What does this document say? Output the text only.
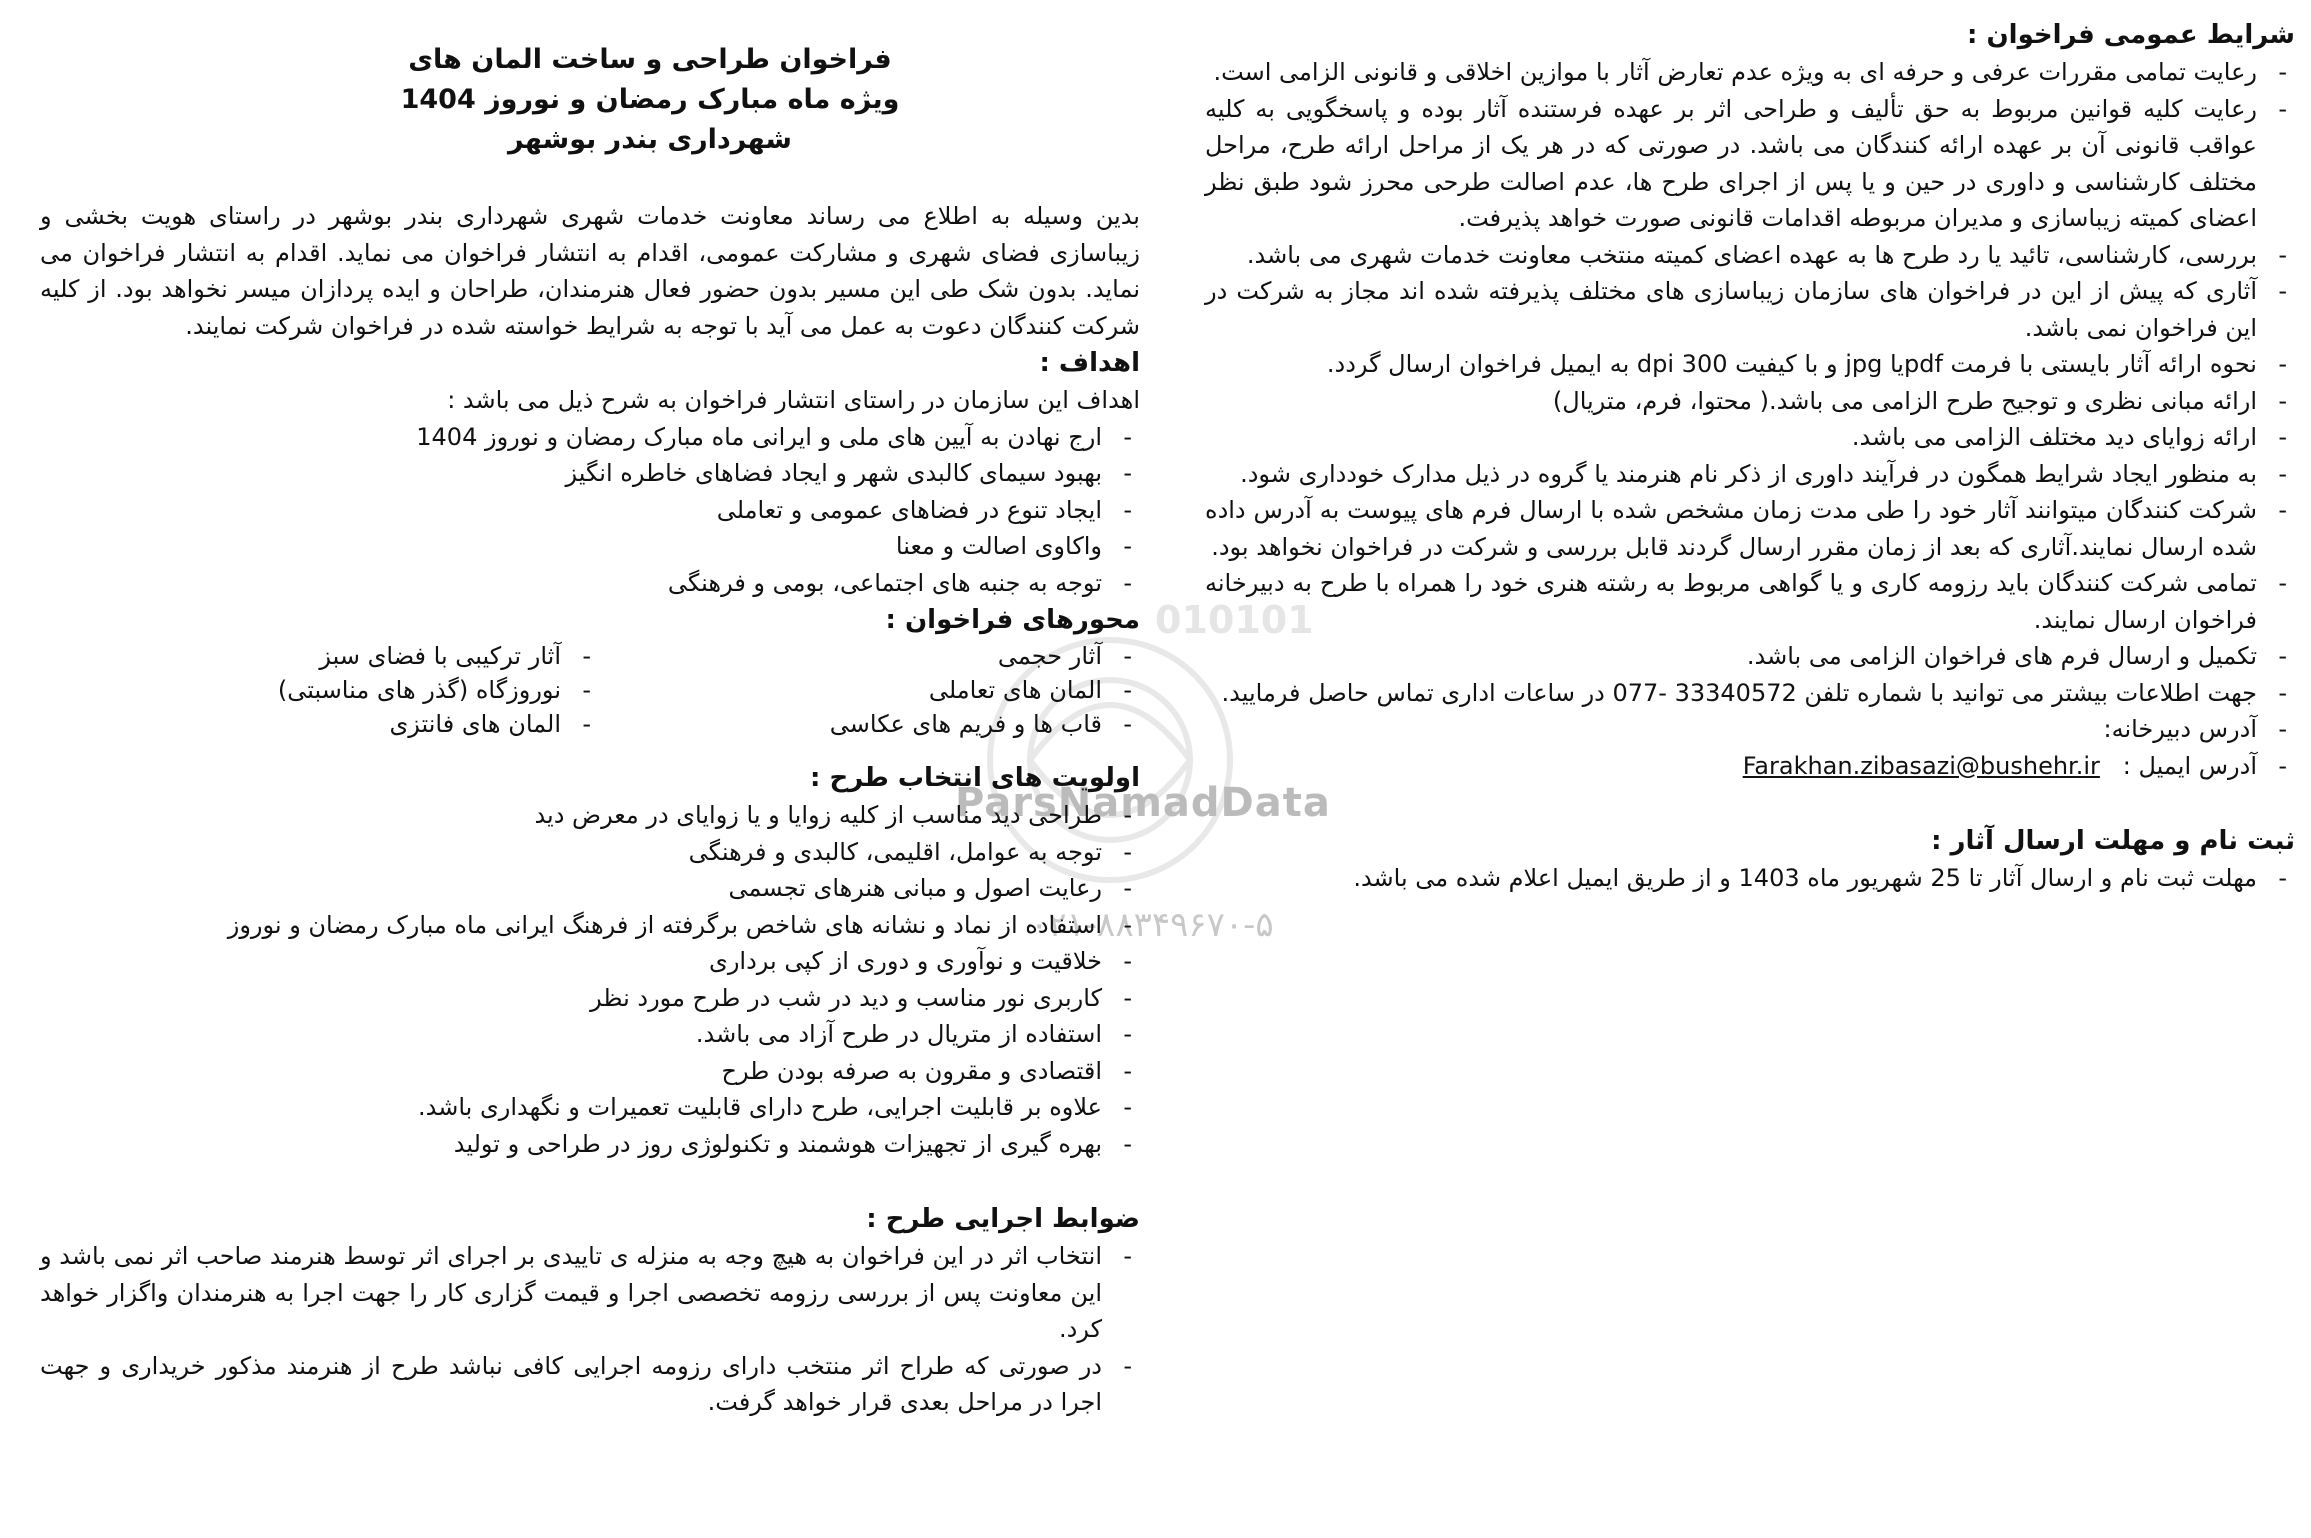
010101
ParsNamadData
۰۲۱-۸۸۳۴۹۶۷۰-۵

شرایط عمومی فراخوان :

- رعایت تمامی مقررات عرفی و حرفه ای به ویژه عدم تعارض آثار با موازین اخلاقی و قانونی الزامی است.
- رعایت کلیه قوانین مربوط به حق تألیف و طراحی اثر بر عهده فرستنده آثار بوده و پاسخگویی به کلیه عواقب قانونی آن بر عهده ارائه کنندگان می باشد. در صورتی که در هر یک از مراحل ارائه طرح، مراحل مختلف کارشناسی و داوری در حین و یا پس از اجرای طرح ها، عدم اصالت طرحی محرز شود طبق نظر اعضای کمیته زیباسازی و مدیران مربوطه اقدامات قانونی صورت خواهد پذیرفت.
- بررسی، کارشناسی، تائید یا رد طرح ها به عهده اعضای کمیته منتخب معاونت خدمات شهری می باشد.
- آثاری که پیش از این در فراخوان های سازمان زیباسازی های مختلف پذیرفته شده اند مجاز به شرکت در این فراخوان نمی باشد.
- نحوه ارائه آثار بایستی با فرمت pdfیا jpg و با کیفیت dpi 300 به ایمیل فراخوان ارسال گردد.
- ارائه مبانی نظری و توجیح طرح الزامی می باشد.( محتوا، فرم، متریال)
- ارائه زوایای دید مختلف الزامی می باشد.
- به منظور ایجاد شرایط همگون در فرآیند داوری از ذکر نام هنرمند یا گروه در ذیل مدارک خودداری شود.
- شرکت کنندگان میتوانند آثار خود را طی مدت زمان مشخص شده با ارسال فرم های پیوست به آدرس داده شده ارسال نمایند.آثاری که بعد از زمان مقرر ارسال گردند قابل بررسی و شرکت در فراخوان نخواهد بود.
- تمامی شرکت کنندگان باید رزومه کاری و یا گواهی مربوط به رشته هنری خود را همراه با طرح به دبیرخانه فراخوان ارسال نمایند.
- تکمیل و ارسال فرم های فراخوان الزامی می باشد.
- جهت اطلاعات بیشتر می توانید با شماره تلفن 33340572 -077 در ساعات اداری تماس حاصل فرمایید.
- آدرس دبیرخانه:
- آدرس ایمیل :   Farakhan.zibasazi@bushehr.ir

ثبت نام و مهلت ارسال آثار :

- مهلت ثبت نام و ارسال آثار تا 25 شهریور ماه 1403 و از طریق ایمیل اعلام شده می باشد.
فراخوان طراحی و ساخت المان های
ویژه ماه مبارک رمضان و نوروز 1404
شهرداری بندر بوشهر

بدین وسیله به اطلاع می رساند معاونت خدمات شهری شهرداری بندر بوشهر در راستای هویت بخشی و زیباسازی فضای شهری و مشارکت عمومی، اقدام به انتشار فراخوان می نماید. اقدام به انتشار فراخوان می نماید. بدون شک طی این مسیر بدون حضور فعال هنرمندان، طراحان و ایده پردازان میسر نخواهد بود. از کلیه شرکت کنندگان دعوت به عمل می آید با توجه به شرایط خواسته شده در فراخوان شرکت نمایند.

اهداف :

اهداف این سازمان در راستای انتشار فراخوان به شرح ذیل می باشد :

- ارج نهادن به آیین های ملی و ایرانی ماه مبارک رمضان و نوروز 1404
- بهبود سیمای کالبدی شهر و ایجاد فضاهای خاطره انگیز
- ایجاد تنوع در فضاهای عمومی و تعاملی
- واکاوی اصالت و معنا
- توجه به جنبه های اجتماعی، بومی و فرهنگی

محورهای فراخوان :

- آثار حجمی
- آثار ترکیبی با فضای سبز
- المان های تعاملی
- نوروزگاه (گذر های مناسبتی)
- قاب ها و فریم های عکاسی
- المان های فانتزی

اولویت های انتخاب طرح :

- طراحی دید مناسب از کلیه زوایا و یا زوایای در معرض دید
- توجه به عوامل، اقلیمی، کالبدی و فرهنگی
- رعایت اصول و مبانی هنرهای تجسمی
- استفاده از نماد و نشانه های شاخص برگرفته از فرهنگ ایرانی ماه مبارک رمضان و نوروز
- خلاقیت و نوآوری و دوری از کپی برداری
- کاربری نور مناسب و دید در شب در طرح مورد نظر
- استفاده از متریال در طرح آزاد می باشد.
- اقتصادی و مقرون به صرفه بودن طرح
- علاوه بر قابلیت اجرایی، طرح دارای قابلیت تعمیرات و نگهداری باشد.
- بهره گیری از تجهیزات هوشمند و تکنولوژی روز در طراحی و تولید

ضوابط اجرایی طرح :

- انتخاب اثر در این فراخوان به هیچ وجه به منزله ی تاییدی بر اجرای اثر توسط هنرمند صاحب اثر نمی باشد و این معاونت پس از بررسی رزومه تخصصی اجرا و قیمت گزاری کار را جهت اجرا به هنرمندان واگزار خواهد کرد.
- در صورتی که طراح اثر منتخب دارای رزومه اجرایی کافی نباشد طرح از هنرمند مذکور خریداری و جهت اجرا در مراحل بعدی قرار خواهد گرفت.
